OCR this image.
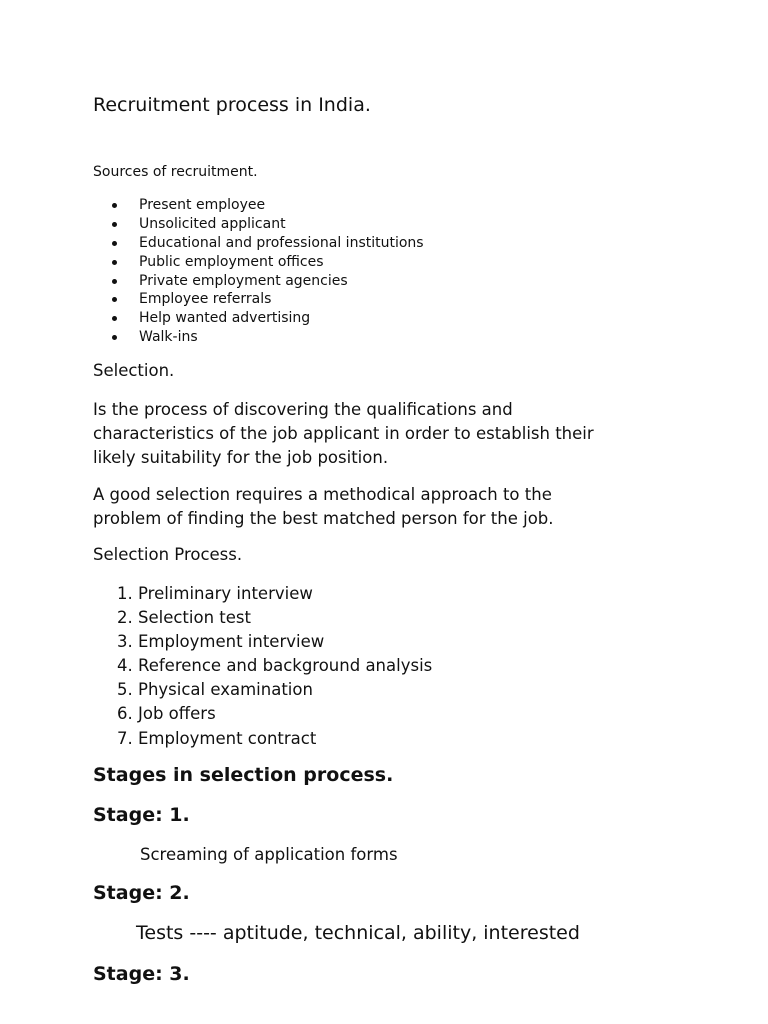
Recruitment process in India.
Sources of recruitment.
Present employee
Unsolicited applicant
Educational and professional institutions
Public employment offices
Private employment agencies
Employee referrals
Help wanted advertising
Walk-ins
Selection.
Is the process of discovering the qualifications and
characteristics of the job applicant in order to establish their
likely suitability for the job position.
A good selection requires a methodical approach to the
problem of finding the best matched person for the job.
Selection Process.
1. Preliminary interview
2. Selection test
3. Employment interview
4. Reference and background analysis
5. Physical examination
6. Job offers
7. Employment contract
Stages in selection process.
Stage: 1.
Screaming of application forms
Stage: 2.
Tests ---- aptitude, technical, ability, interested
Stage: 3.
